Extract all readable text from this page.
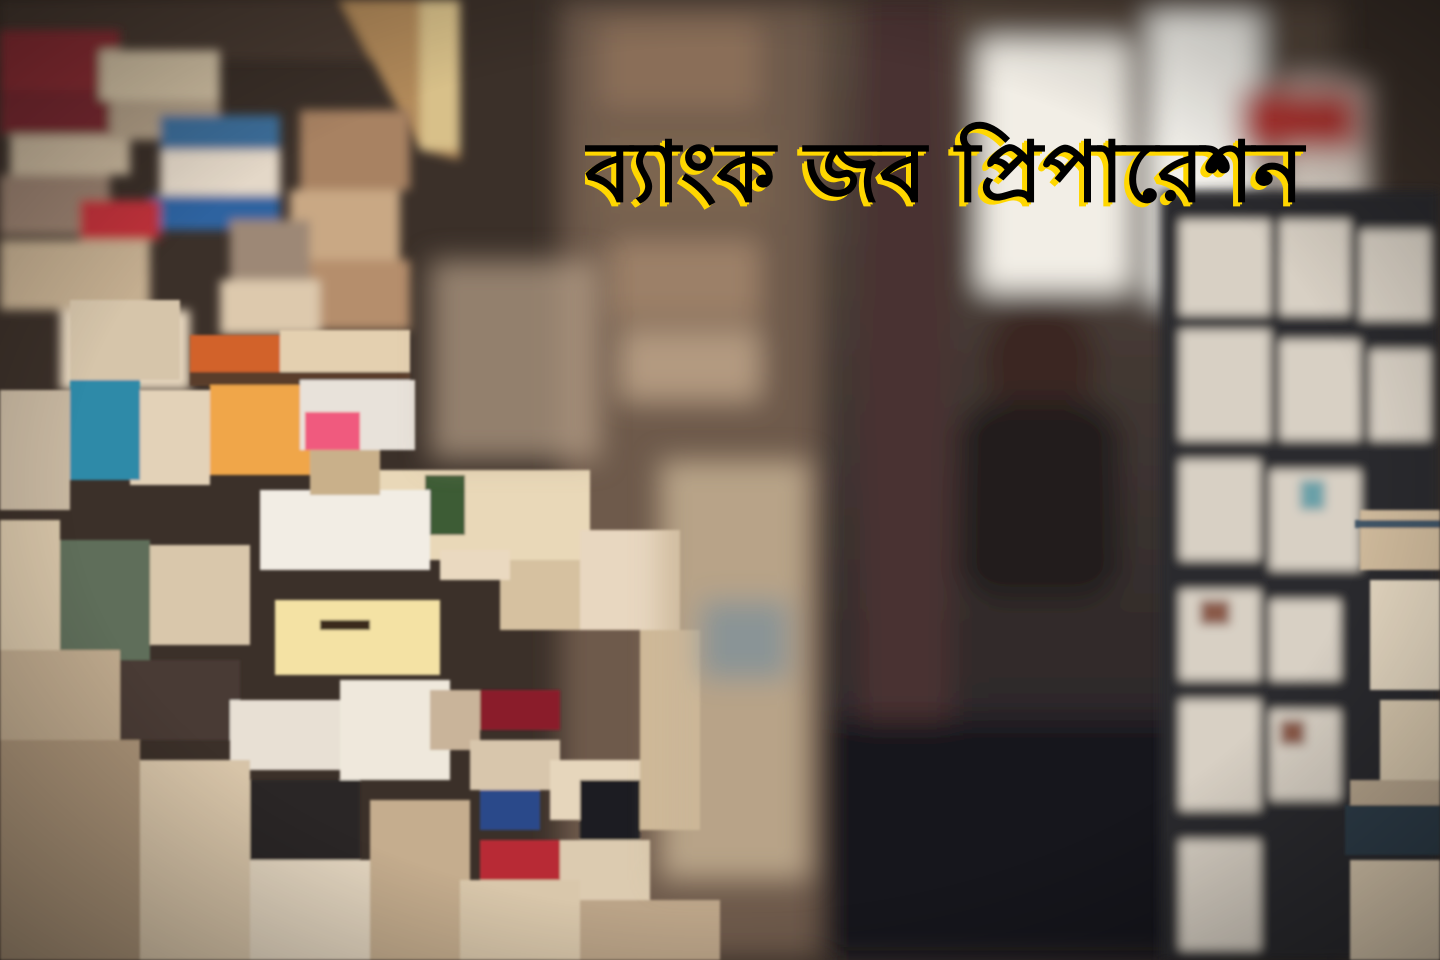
ব্যাংক জব প্রিপারেশন
